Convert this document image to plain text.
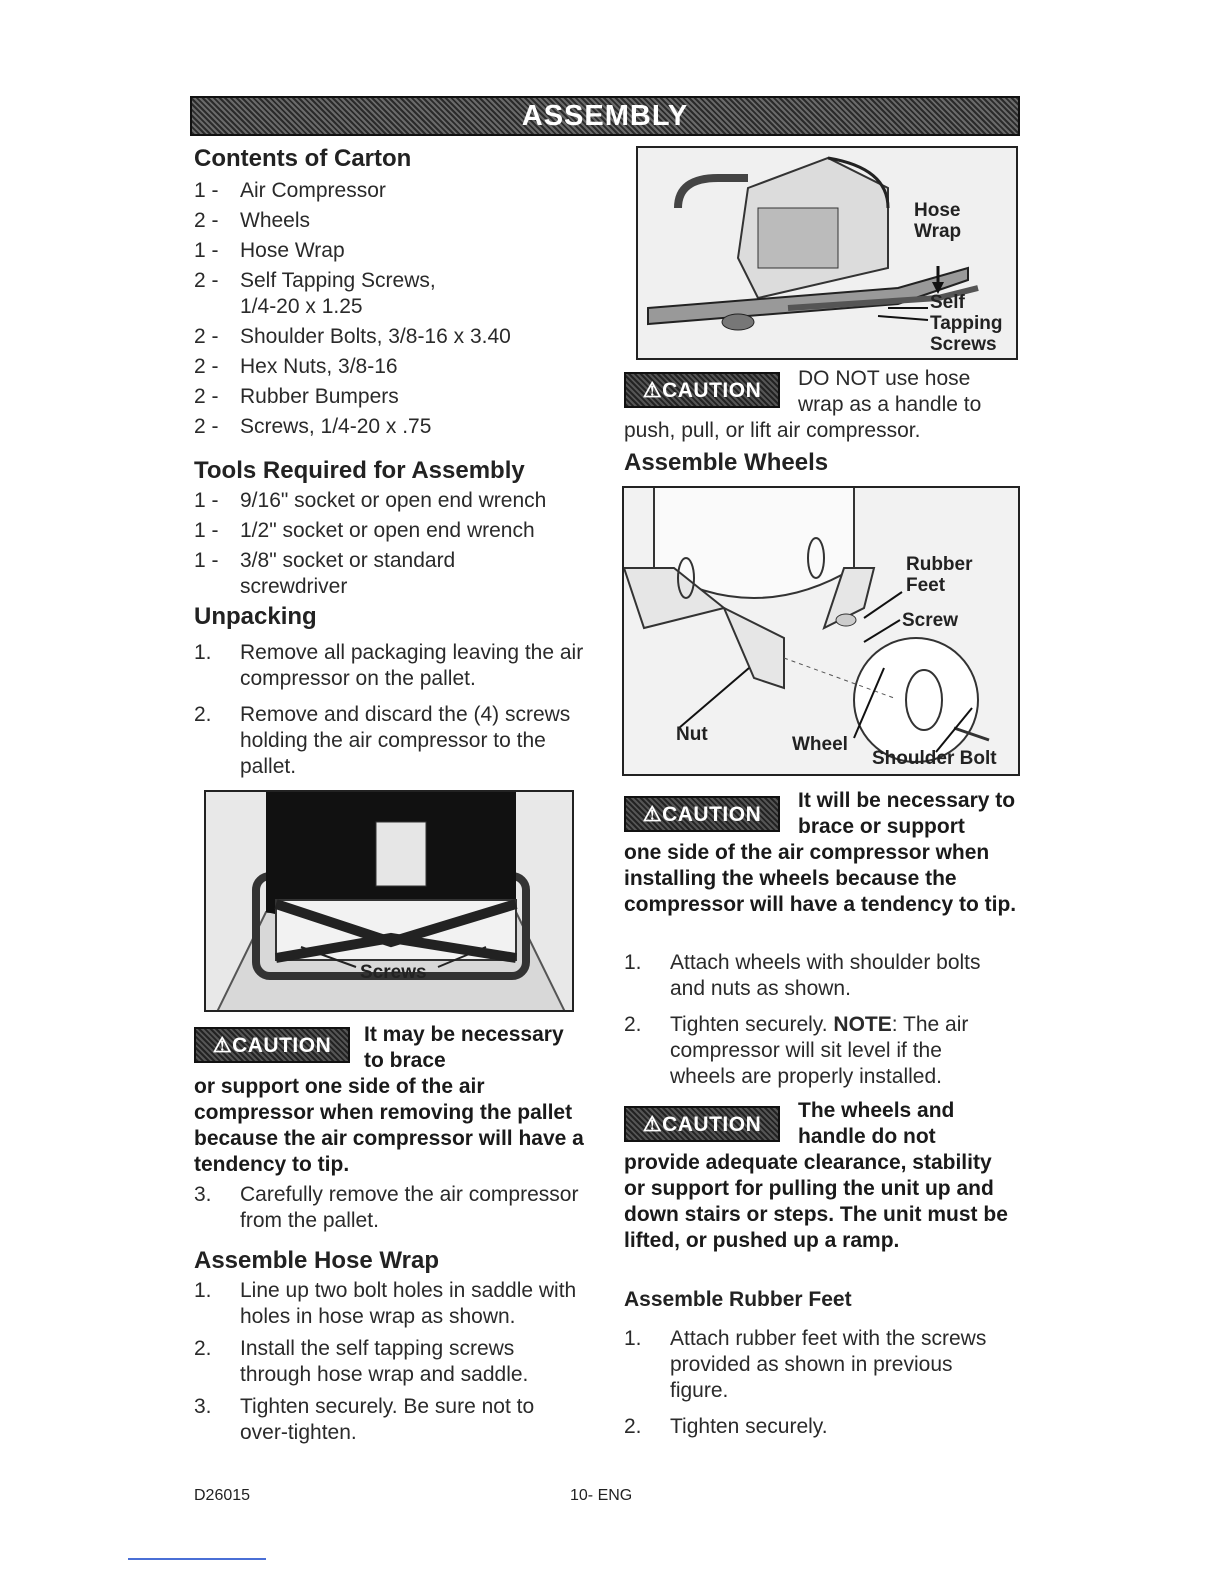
ASSEMBLY
Contents of Carton
1 -	Air Compressor
2 -	Wheels
1 -	Hose Wrap
2 -	Self Tapping Screws,
1/4-20 x 1.25
2 -	Shoulder Bolts, 3/8-16 x 3.40
2 -	Hex Nuts, 3/8-16
2 -	Rubber Bumpers
2 -	Screws, 1/4-20 x .75
Tools Required for Assembly
1 -	9/16" socket or open end wrench
1 -	1/2" socket or open end wrench
1 -	3/8" socket or standard
screwdriver
Unpacking
1.	Remove all packaging leaving the air compressor on the pallet.
2.	Remove and discard the (4) screws holding the air compressor to the pallet.
Screws
⚠CAUTION	It may be necessary to brace
or support one side of the air compressor when removing the pallet because the air compressor will have a tendency to tip.
3.	Carefully remove the air compressor from the pallet.
Assemble Hose Wrap
1.	Line up two bolt holes in saddle with holes in hose wrap as shown.
2.	Install the self tapping screws through hose wrap and saddle.
3.	Tighten securely. Be sure not to over-tighten.
Hose
Wrap
Self
Tapping
Screws
⚠CAUTION	DO NOT use hose wrap as a handle to
push, pull, or lift air compressor.
Assemble Wheels
Rubber
Feet
Screw
Nut	Wheel
Shoulder Bolt
⚠CAUTION
It will be necessary to brace or support
one side of the air compressor when installing the wheels because the compressor will have a tendency to tip.
1.	Attach wheels with shoulder bolts and nuts as shown.
2.	Tighten securely. NOTE: The air compressor will sit level if the wheels are properly installed.
⚠CAUTION
The wheels and handle do not
provide adequate clearance, stability or support for pulling the unit up and down stairs or steps. The unit must be lifted, or pushed up a ramp.
Assemble Rubber Feet
1.	Attach rubber feet with the screws provided as shown in previous figure.
2.	Tighten securely.
D26015	10- ENG
